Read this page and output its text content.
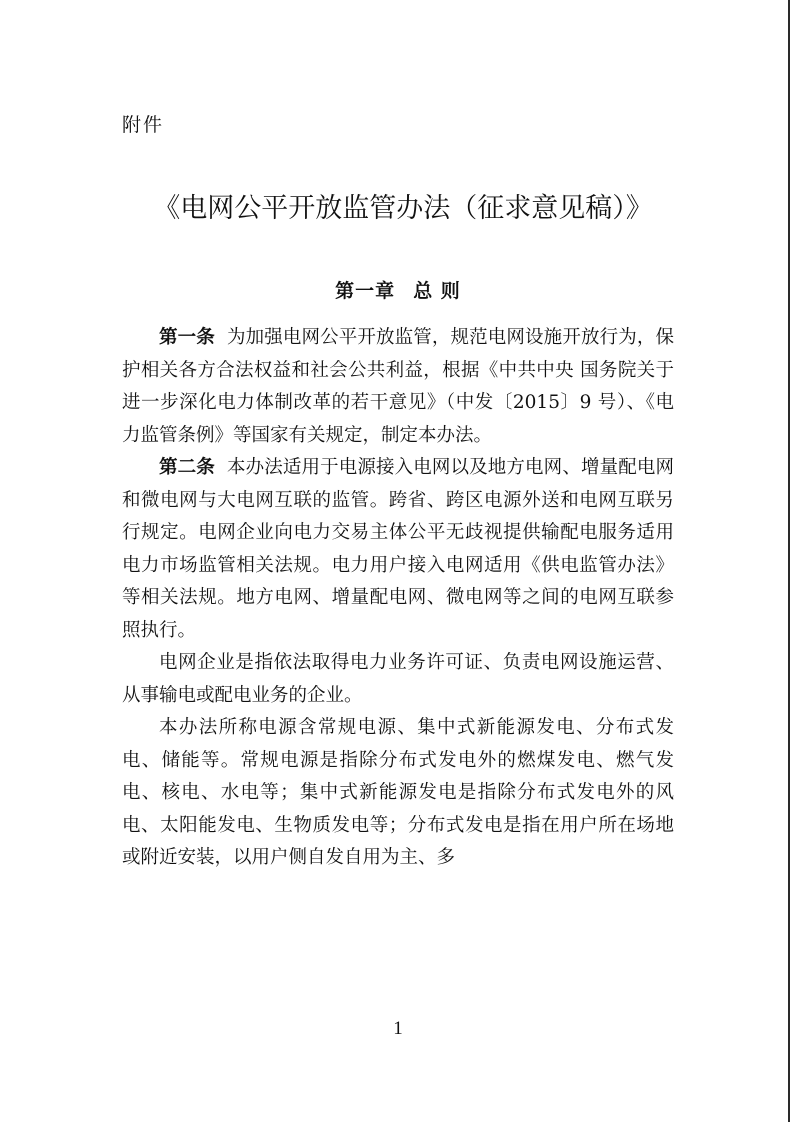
附件
《电网公平开放监管办法（征求意见稿）》
第一章 总 则

第一条 为加强电网公平开放监管，规范电网设施开放行为，保护相关各方合法权益和社会公共利益，根据《中共中央 国务院关于进一步深化电力体制改革的若干意见》（中发〔2015〕9 号）、《电力监管条例》等国家有关规定，制定本办法。

第二条 本办法适用于电源接入电网以及地方电网、增量配电网和微电网与大电网互联的监管。跨省、跨区电源外送和电网互联另行规定。电网企业向电力交易主体公平无歧视提供输配电服务适用电力市场监管相关法规。电力用户接入电网适用《供电监管办法》等相关法规。地方电网、增量配电网、微电网等之间的电网互联参照执行。

电网企业是指依法取得电力业务许可证、负责电网设施运营、从事输电或配电业务的企业。

本办法所称电源含常规电源、集中式新能源发电、分布式发电、储能等。常规电源是指除分布式发电外的燃煤发电、燃气发电、核电、水电等；集中式新能源发电是指除分布式发电外的风电、太阳能发电、生物质发电等；分布式发电是指在用户所在场地或附近安装，以用户侧自发自用为主、多

1
